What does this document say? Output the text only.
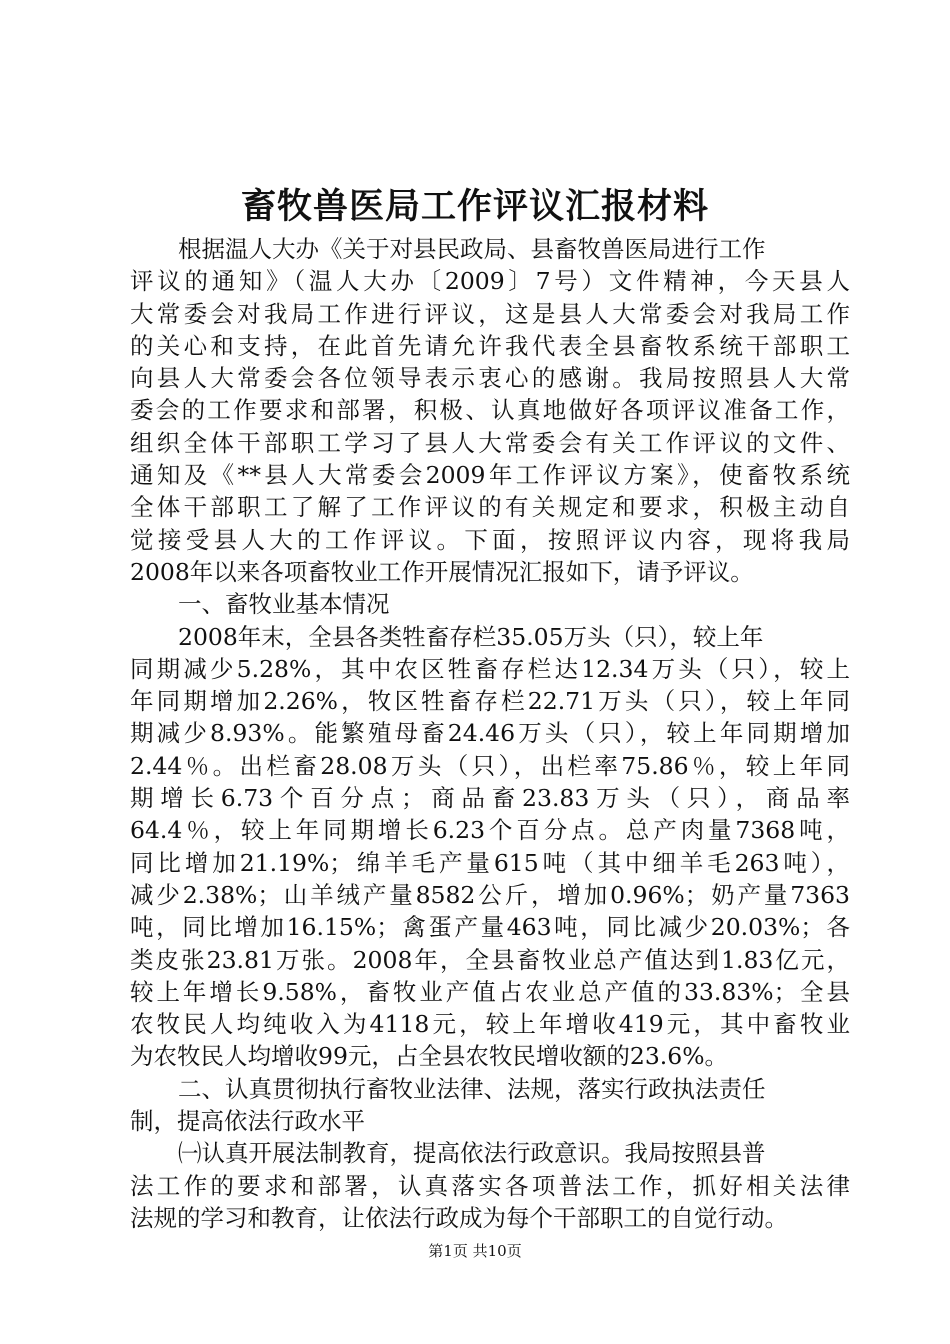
畜牧兽医局工作评议汇报材料
根据温人大办《关于对县民政局、县畜牧兽医局进行工作
评议的通知》（温人大办〔2009〕7号）文件精神，今天县人
大常委会对我局工作进行评议，这是县人大常委会对我局工作
的关心和支持，在此首先请允许我代表全县畜牧系统干部职工
向县人大常委会各位领导表示衷心的感谢。我局按照县人大常
委会的工作要求和部署，积极、认真地做好各项评议准备工作，
组织全体干部职工学习了县人大常委会有关工作评议的文件、
通知及《**县人大常委会2009年工作评议方案》，使畜牧系统
全体干部职工了解了工作评议的有关规定和要求，积极主动自
觉接受县人大的工作评议。下面，按照评议内容，现将我局
2008年以来各项畜牧业工作开展情况汇报如下，请予评议。
一、畜牧业基本情况
2008年末，全县各类牲畜存栏35.05万头（只），较上年
同期减少5.28%，其中农区牲畜存栏达12.34万头（只），较上
年同期增加2.26%，牧区牲畜存栏22.71万头（只），较上年同
期减少8.93%。能繁殖母畜24.46万头（只），较上年同期增加
2.44％。出栏畜28.08万头（只），出栏率75.86％，较上年同
期增长6.73个百分点；商品畜23.83万头（只），商品率
64.4％，较上年同期增长6.23个百分点。总产肉量7368吨，
同比增加21.19%；绵羊毛产量615吨（其中细羊毛263吨），
减少2.38%；山羊绒产量8582公斤，增加0.96%；奶产量7363
吨，同比增加16.15%；禽蛋产量463吨，同比减少20.03%；各
类皮张23.81万张。2008年，全县畜牧业总产值达到1.83亿元，
较上年增长9.58%，畜牧业产值占农业总产值的33.83%；全县
农牧民人均纯收入为4118元，较上年增收419元，其中畜牧业
为农牧民人均增收99元，占全县农牧民增收额的23.6%。
二、认真贯彻执行畜牧业法律、法规，落实行政执法责任
制，提高依法行政水平
㈠认真开展法制教育，提高依法行政意识。我局按照县普
法工作的要求和部署，认真落实各项普法工作，抓好相关法律
法规的学习和教育，让依法行政成为每个干部职工的自觉行动。
第1页 共10页
